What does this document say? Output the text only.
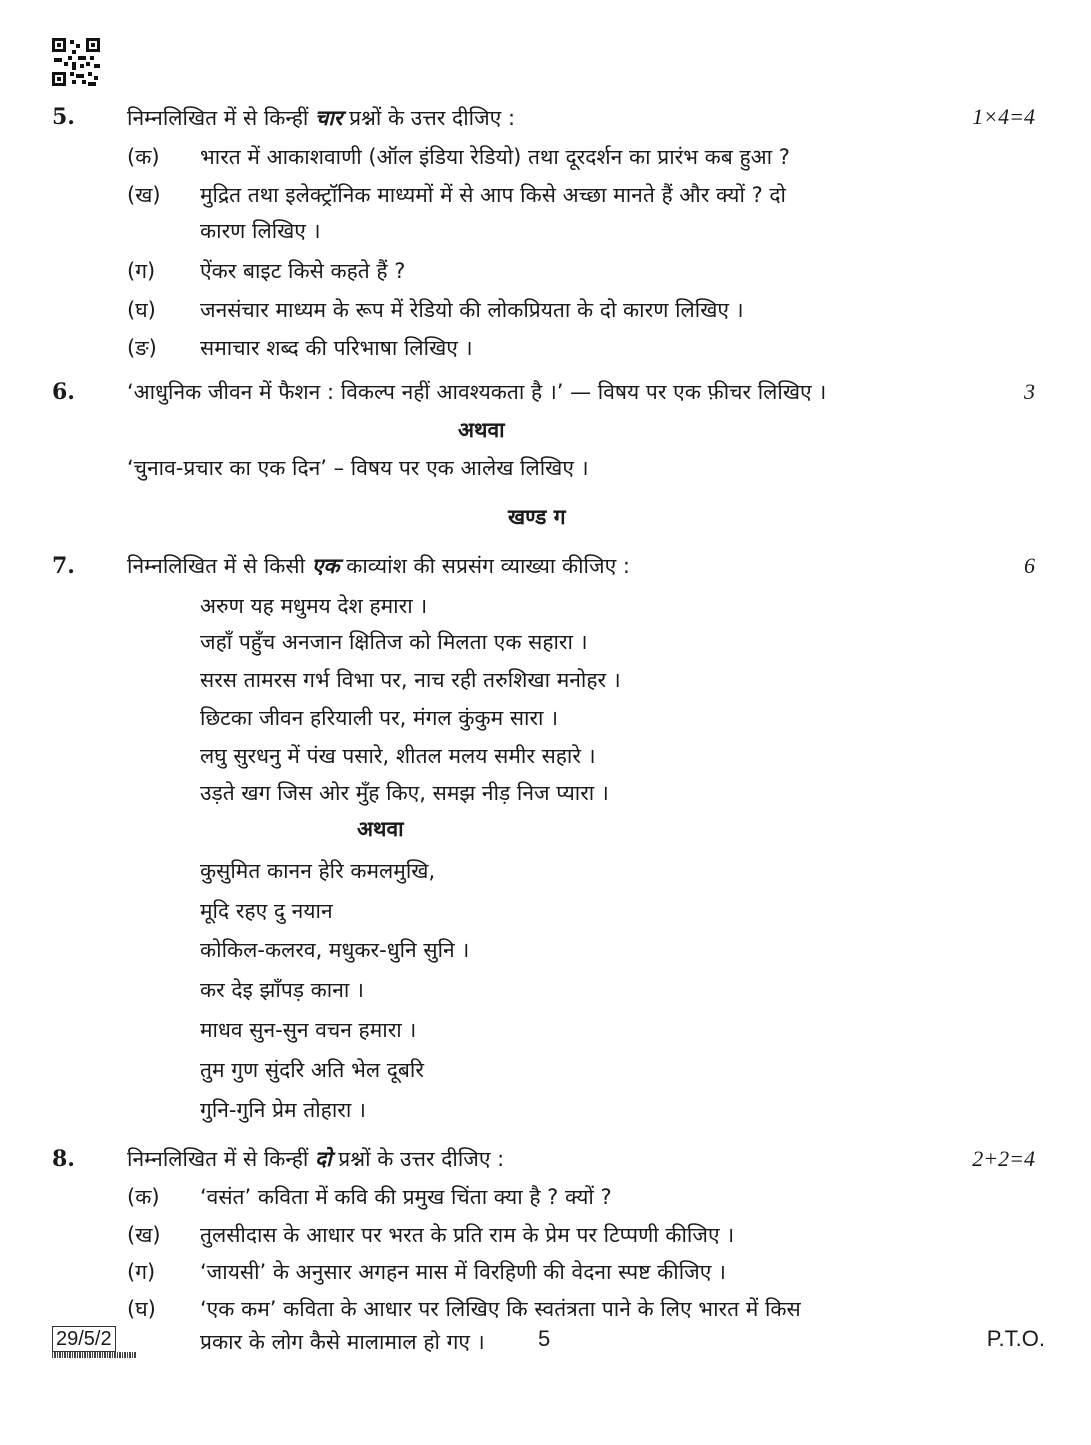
5. निम्नलिखित में से किन्हीं चार प्रश्नों के उत्तर दीजिए :	1×4=4
(क) भारत में आकाशवाणी (ऑल इंडिया रेडियो) तथा दूरदर्शन का प्रारंभ कब हुआ ?
(ख) मुद्रित तथा इलेक्ट्रॉनिक माध्यमों में से आप किसे अच्छा मानते हैं और क्यों ? दो
कारण लिखिए ।
(ग) ऐंकर बाइट किसे कहते हैं ?
(घ) जनसंचार माध्यम के रूप में रेडियो की लोकप्रियता के दो कारण लिखिए ।
(ङ) समाचार शब्द की परिभाषा लिखिए ।
6. ‘आधुनिक जीवन में फैशन : विकल्प नहीं आवश्यकता है ।’ — विषय पर एक फ़ीचर लिखिए ।	3
अथवा
‘चुनाव-प्रचार का एक दिन’ – विषय पर एक आलेख लिखिए ।
खण्ड ग
7. निम्नलिखित में से किसी एक काव्यांश की सप्रसंग व्याख्या कीजिए :	6
अरुण यह मधुमय देश हमारा ।
जहाँ पहुँच अनजान क्षितिज को मिलता एक सहारा ।
सरस तामरस गर्भ विभा पर, नाच रही तरुशिखा मनोहर ।
छिटका जीवन हरियाली पर, मंगल कुंकुम सारा ।
लघु सुरधनु में पंख पसारे, शीतल मलय समीर सहारे ।
उड़ते खग जिस ओर मुँह किए, समझ नीड़ निज प्यारा ।
अथवा
कुसुमित कानन हेरि कमलमुखि,
मूदि रहए दु नयान
कोकिल-कलरव, मधुकर-धुनि सुनि ।
कर देइ झाँपड़ काना ।
माधव सुन-सुन वचन हमारा ।
तुम गुण सुंदरि अति भेल दूबरि
गुनि-गुनि प्रेम तोहारा ।
8. निम्नलिखित में से किन्हीं दो प्रश्नों के उत्तर दीजिए :	2+2=4
(क) ‘वसंत’ कविता में कवि की प्रमुख चिंता क्या है ? क्यों ?
(ख) तुलसीदास के आधार पर भरत के प्रति राम के प्रेम पर टिप्पणी कीजिए ।
(ग) ‘जायसी’ के अनुसार अगहन मास में विरहिणी की वेदना स्पष्ट कीजिए ।
(घ) ‘एक कम’ कविता के आधार पर लिखिए कि स्वतंत्रता पाने के लिए भारत में किस
प्रकार के लोग कैसे मालामाल हो गए ।
29/5/2	5	P.T.O.
